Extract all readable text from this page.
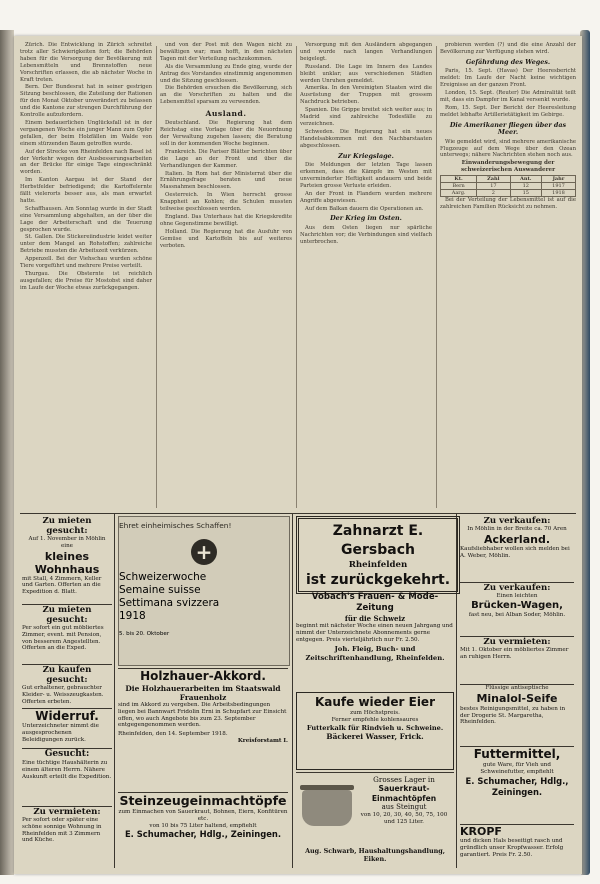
Zürich. Die Entwicklung in Zürich schreitet trotz aller Schwierigkeiten fort; die Behörden haben für die Versorgung der Bevölkerung mit Lebensmitteln und Brennstoffen neue Vorschriften erlassen, die ab nächster Woche in Kraft treten.

Bern. Der Bundesrat hat in seiner gestrigen Sitzung beschlossen, die Zuteilung der Rationen für den Monat Oktober unverändert zu belassen und die Kantone zur strengen Durchführung der Kontrolle aufzufordern.

Einem bedauerlichen Unglücksfall ist in der vergangenen Woche ein junger Mann zum Opfer gefallen, der beim Holzfällen im Walde von einem stürzenden Baum getroffen wurde.

Auf der Strecke von Rheinfelden nach Basel ist der Verkehr wegen der Ausbesserungsarbeiten an der Brücke für einige Tage eingeschränkt worden.

Im Kanton Aargau ist der Stand der Herbstfelder befriedigend; die Kartoffelernte fällt vielerorts besser aus, als man erwartet hatte.

Schaffhausen. Am Sonntag wurde in der Stadt eine Versammlung abgehalten, an der über die Lage der Arbeiterschaft und die Teuerung gesprochen wurde.

St. Gallen. Die Stickereiindustrie leidet weiter unter dem Mangel an Rohstoffen; zahlreiche Betriebe mussten die Arbeitszeit verkürzen.

Appenzell. Bei der Viehschau wurden schöne Tiere vorgeführt und mehrere Preise verteilt.

Thurgau. Die Obsternte ist reichlich ausgefallen; die Preise für Mostobst sind daher im Laufe der Woche etwas zurückgegangen.

und von der Post mit den Wagen nicht zu bewältigen war; man hofft, in den nächsten Tagen mit der Verteilung nachzukommen.

Als die Versammlung zu Ende ging, wurde der Antrag des Vorstandes einstimmig angenommen und die Sitzung geschlossen.

Die Behörden ersuchen die Bevölkerung, sich an die Vorschriften zu halten und die Lebensmittel sparsam zu verwenden.

Ausland.

Deutschland. Die Regierung hat dem Reichstag eine Vorlage über die Neuordnung der Verwaltung zugehen lassen; die Beratung soll in der kommenden Woche beginnen.

Frankreich. Die Pariser Blätter berichten über die Lage an der Front und über die Verhandlungen der Kammer.

Italien. In Rom hat der Ministerrat über die Ernährungsfrage beraten und neue Massnahmen beschlossen.

Oesterreich. In Wien herrscht grosse Knappheit an Kohlen; die Schulen mussten teilweise geschlossen werden.

England. Das Unterhaus hat die Kriegskredite ohne Gegenstimme bewilligt.

Holland. Die Regierung hat die Ausfuhr von Gemüse und Kartoffeln bis auf weiteres verboten.

Versorgung mit den Ausländern abgegangen und wurde nach langen Verhandlungen beigelegt.

Russland. Die Lage im Innern des Landes bleibt unklar; aus verschiedenen Städten werden Unruhen gemeldet.

Amerika. In den Vereinigten Staaten wird die Ausrüstung der Truppen mit grossem Nachdruck betrieben.

Spanien. Die Grippe breitet sich weiter aus; in Madrid sind zahlreiche Todesfälle zu verzeichnen.

Schweden. Die Regierung hat ein neues Handelsabkommen mit den Nachbarstaaten abgeschlossen.

Zur Kriegslage.

Die Meldungen der letzten Tage lassen erkennen, dass die Kämpfe im Westen mit unverminderter Heftigkeit andauern und beide Parteien grosse Verluste erleiden.

An der Front in Flandern wurden mehrere Angriffe abgewiesen.

Auf dem Balkan dauern die Operationen an.

Der Krieg im Osten.

Aus dem Osten liegen nur spärliche Nachrichten vor; die Verbindungen sind vielfach unterbrochen.

probieren werden (?) und die eine Anzahl der Bevölkerung zur Verfügung stehen wird.

Gefährdung des Weges.

Paris, 15. Sept. (Havas) Der Heeresbericht meldet: Im Laufe der Nacht keine wichtigen Ereignisse an der ganzen Front.

London, 15. Sept. (Reuter) Die Admiralität teilt mit, dass ein Dampfer im Kanal versenkt wurde.

Rom, 15. Sept. Der Bericht der Heeresleitung meldet lebhafte Artillerietätigkeit im Gebirge.

Die Amerikaner fliegen über das Meer.

Wie gemeldet wird, sind mehrere amerikanische Flugzeuge auf dem Wege über den Ozean unterwegs; nähere Nachrichten stehen noch aus.

Einwanderungsbewegung der schweizerischen Auswanderer
Kt.	Zahl	Ant.	Jahr
Bern	17	12	1917
Aarg.	2	15	1918

Bei der Verteilung der Lebensmittel ist auf die zahlreichen Familien Rücksicht zu nehmen.

Zu mieten gesucht:
Auf 1. November in Möhlin eine
kleines Wohnhaus
mit Stall, 4 Zimmern, Keller und Garten. Offerten an die Expedition d. Blatt.
Zu mieten gesucht:
Per sofort ein gut möbliertes Zimmer, event. mit Pension, von besserem Angestellten. Offerten an die Exped.
Zu kaufen gesucht:
Gut erhaltener, gebrauchter Kleider- u. Weisszeugkasten. Offerten erbeten.
Widerruf.
Unterzeichneter nimmt die ausgesprochenen Beleidigungen zurück.
Gesucht:
Eine tüchtige Haushälterin zu einem älteren Herrn. Nähere Auskunft erteilt die Expedition.
Zu vermieten:
Per sofort oder später eine schöne sonnige Wohnung in Rheinfelden mit 3 Zimmern und Küche.
Ehret einheimisches Schaffen!
+
Schweizerwoche
Semaine suisse
Settimana svizzera
1918
5. bis 20. Oktober
Holzhauer-Akkord.
Die Holzhauerarbeiten im Staatswald Frauenholz
sind im Akkord zu vergeben. Die Arbeitsbedingungen liegen bei Bannwart Fridolin Erni in Schupfart zur Einsicht offen, wo auch Angebote bis zum 23. September entgegengenommen werden.
Rheinfelden, den 14. September 1918.
Kreisforstamt I.
Steinzeugeinmachtöpfe
zum Einmachen von Sauerkraut, Bohnen, Eiern, Konfitüren etc.
von 10 bis 75 Liter haltend, empfiehlt
E. Schumacher, Hdlg., Zeiningen.
Zahnarzt E. Gersbach
Rheinfelden
ist zurückgekehrt.
Vobach's Frauen- & Mode-Zeitung
für die Schweiz
beginnt mit nächster Woche einen neuen Jahrgang und nimmt der Unterzeichnete Abonnements gerne entgegen. Preis vierteljährlich nur Fr. 2.50.
Joh. Fleig, Buch- und Zeitschriftenhandlung, Rheinfelden.
Kaufe wieder Eier
zum Höchstpreis.
Ferner empfehle kohlensaures
Futterkalk für Rindvieh u. Schweine.
Bäckerei Wasser, Frick.
Grosses Lager in
Sauerkraut-Einmachtöpfen
aus Steingut
von 10, 20, 30, 40, 50, 75, 100 und 125 Liter.
Aug. Schwarb, Haushaltungshandlung, Eiken.
Zu verkaufen:
In Möhlin in der Breite ca. 70 Aren
Ackerland.
Kaufsliebhaber wollen sich melden bei A. Weber, Möhlin.
Zu verkaufen:
Einen leichten
Brücken-Wagen,
fast neu, bei Alban Soder, Möhlin.
Zu vermieten:
Mit 1. Oktober ein möbliertes Zimmer an ruhigen Herrn.
Flüssige antiseptische
Minalol-Seife
bestes Reinigungsmittel, zu haben in der Drogerie St. Margaretha, Rheinfelden.
Futtermittel,
gute Ware, für Vieh und Schweinefutter, empfiehlt
E. Schumacher, Hdlg., Zeiningen.
KROPF
und dicken Hals beseitigt rasch und gründlich unser Kropfwasser. Erfolg garantiert. Preis Fr. 2.50.
